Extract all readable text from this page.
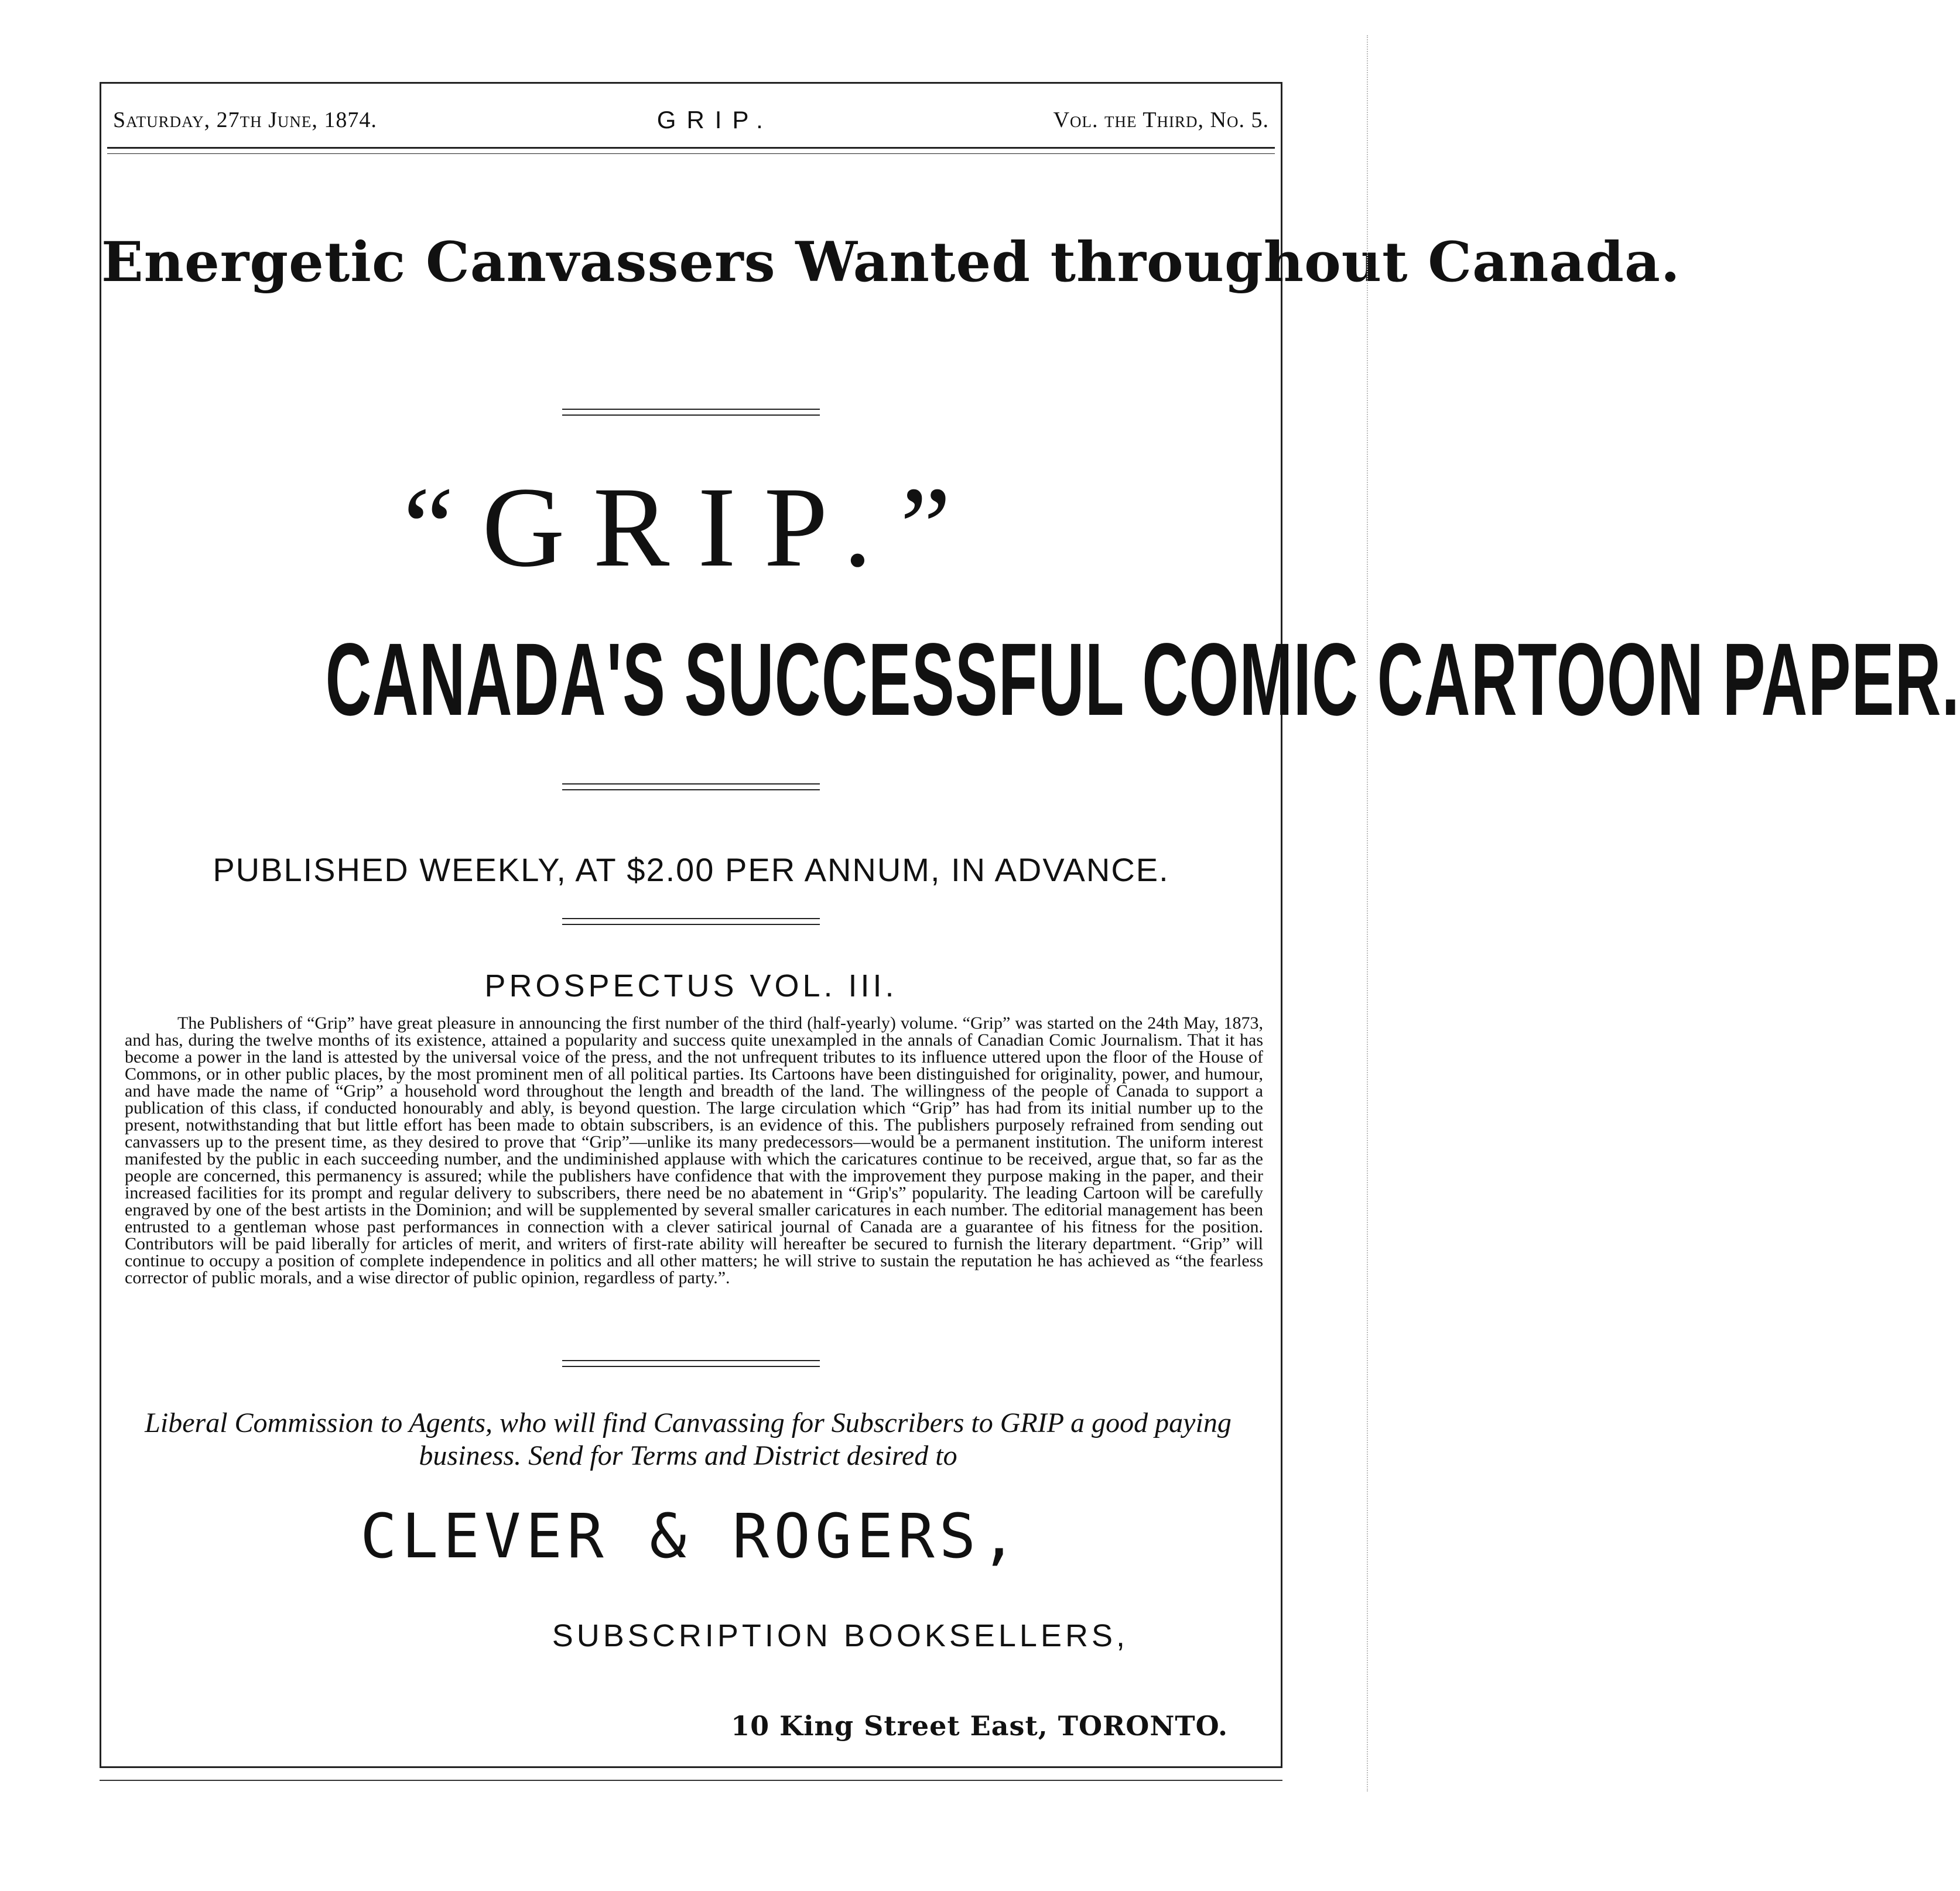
Saturday, 27th June, 1874.	GRIP.	Vol. the Third, No. 5.
Energetic Canvassers Wanted throughout Canada.
“GRIP.”
CANADA'S SUCCESSFUL COMIC CARTOON PAPER.
PUBLISHED WEEKLY, AT $2.00 PER ANNUM, IN ADVANCE.
PROSPECTUS VOL. III.
The Publishers of “Grip” have great pleasure in announcing the first number of the third (half-yearly) volume. “Grip” was started on the 24th May, 1873, and has, during the twelve months of its existence, attained a popularity and success quite unexampled in the annals of Canadian Comic Journalism. That it has become a power in the land is attested by the universal voice of the press, and the not unfrequent tributes to its influence uttered upon the floor of the House of Commons, or in other public places, by the most prominent men of all political parties. Its Cartoons have been distinguished for originality, power, and humour, and have made the name of “Grip” a household word throughout the length and breadth of the land. The willingness of the people of Canada to support a publication of this class, if conducted honourably and ably, is beyond question. The large circulation which “Grip” has had from its initial number up to the present, notwithstanding that but little effort has been made to obtain subscribers, is an evidence of this. The publishers purposely refrained from sending out canvassers up to the present time, as they desired to prove that “Grip”—unlike its many predecessors—would be a permanent institution. The uniform interest manifested by the public in each succeeding number, and the undiminished applause with which the caricatures continue to be received, argue that, so far as the people are concerned, this permanency is assured; while the publishers have confidence that with the improvement they purpose making in the paper, and their increased facilities for its prompt and regular delivery to subscribers, there need be no abatement in “Grip's” popularity. The leading Cartoon will be carefully engraved by one of the best artists in the Dominion; and will be supplemented by several smaller caricatures in each number. The editorial management has been entrusted to a gentleman whose past performances in connection with a clever satirical journal of Canada are a guarantee of his fitness for the position. Contributors will be paid liberally for articles of merit, and writers of first-rate ability will hereafter be secured to furnish the literary department. “Grip” will continue to occupy a position of complete independence in politics and all other matters; he will strive to sustain the reputation he has achieved as “the fearless corrector of public morals, and a wise director of public opinion, regardless of party.”.
Liberal Commission to Agents, who will find Canvassing for Subscribers to GRIP a good paying business. Send for Terms and District desired to
CLEVER & ROGERS,
SUBSCRIPTION BOOKSELLERS,
10 King Street East, TORONTO.
